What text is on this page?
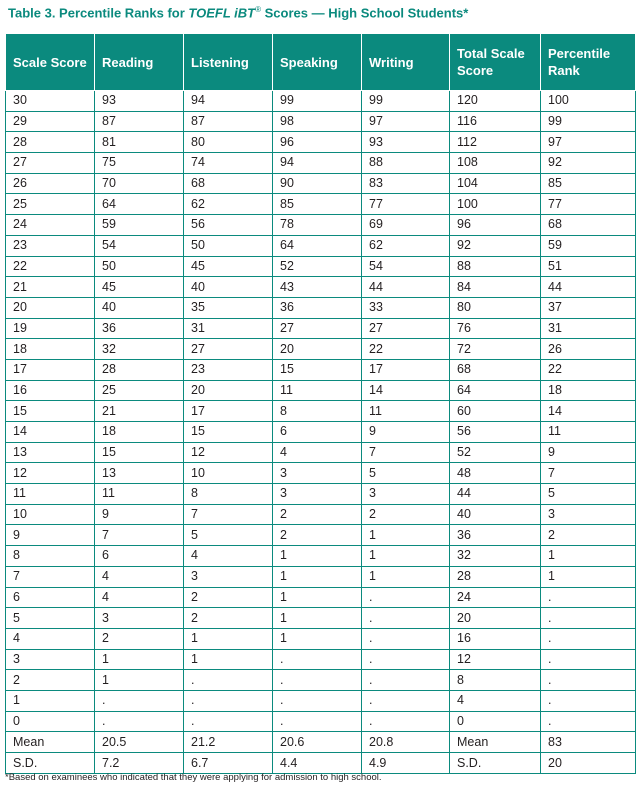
Table 3. Percentile Ranks for TOEFL iBT® Scores — High School Students*
Scale Score	Reading	Listening	Speaking	Writing	Total Scale Score	Percentile Rank
30	93	94	99	99	120	100
29	87	87	98	97	116	99
28	81	80	96	93	112	97
27	75	74	94	88	108	92
26	70	68	90	83	104	85
25	64	62	85	77	100	77
24	59	56	78	69	96	68
23	54	50	64	62	92	59
22	50	45	52	54	88	51
21	45	40	43	44	84	44
20	40	35	36	33	80	37
19	36	31	27	27	76	31
18	32	27	20	22	72	26
17	28	23	15	17	68	22
16	25	20	11	14	64	18
15	21	17	8	11	60	14
14	18	15	6	9	56	11
13	15	12	4	7	52	9
12	13	10	3	5	48	7
11	11	8	3	3	44	5
10	9	7	2	2	40	3
9	7	5	2	1	36	2
8	6	4	1	1	32	1
7	4	3	1	1	28	1
6	4	2	1	.	24	.
5	3	2	1	.	20	.
4	2	1	1	.	16	.
3	1	1	.	.	12	.
2	1	.	.	.	8	.
1	.	.	.	.	4	.
0	.	.	.	.	0	.
Mean	20.5	21.2	20.6	20.8	Mean	83
S.D.	7.2	6.7	4.4	4.9	S.D.	20
*Based on examinees who indicated that they were applying for admission to high school.
